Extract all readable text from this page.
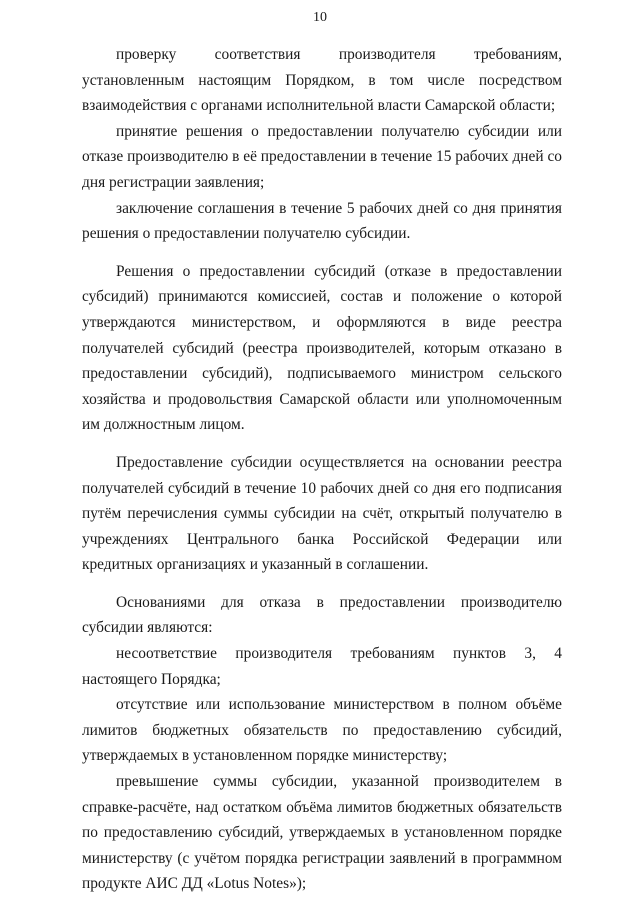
10

проверку соответствия производителя требованиям, установленным настоящим Порядком, в том числе посредством взаимодействия с органами исполнительной власти Самарской области;

принятие решения о предоставлении получателю субсидии или отказе производителю в её предоставлении в течение 15 рабочих дней со дня регистрации заявления;

заключение соглашения в течение 5 рабочих дней со дня принятия решения о предоставлении получателю субсидии.

Решения о предоставлении субсидий (отказе в предоставлении субсидий) принимаются комиссией, состав и положение о которой утверждаются министерством, и оформляются в виде реестра получателей субсидий (реестра производителей, которым отказано в предоставлении субсидий), подписываемого министром сельского хозяйства и продовольствия Самарской области или уполномоченным им должностным лицом.

Предоставление субсидии осуществляется на основании реестра получателей субсидий в течение 10 рабочих дней со дня его подписания путём перечисления суммы субсидии на счёт, открытый получателю в учреждениях Центрального банка Российской Федерации или кредитных организациях и указанный в соглашении.

Основаниями для отказа в предоставлении производителю субсидии являются:

несоответствие производителя требованиям пунктов 3, 4 настоящего Порядка;

отсутствие или использование министерством в полном объёме лимитов бюджетных обязательств по предоставлению субсидий, утверждаемых в установленном порядке министерству;

превышение суммы субсидии, указанной производителем в справке-расчёте, над остатком объёма лимитов бюджетных обязательств по предоставлению субсидий, утверждаемых в установленном порядке министерству (с учётом порядка регистрации заявлений в программном продукте АИС ДД «Lotus Notes»);
